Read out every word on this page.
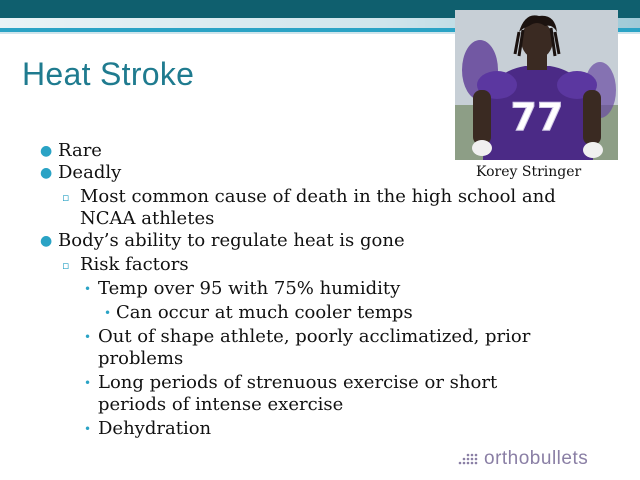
Heat Stroke
77
Korey Stringer
● Rare
● Deadly
▫ Most common cause of death in the high school and NCAA athletes
● Body’s ability to regulate heat is gone
▫ Risk factors
• Temp over 95 with 75% humidity
• Can occur at much cooler temps
• Out of shape athlete, poorly acclimatized, prior problems
• Long periods of strenuous exercise or short periods of intense exercise
• Dehydration
orthobullets
